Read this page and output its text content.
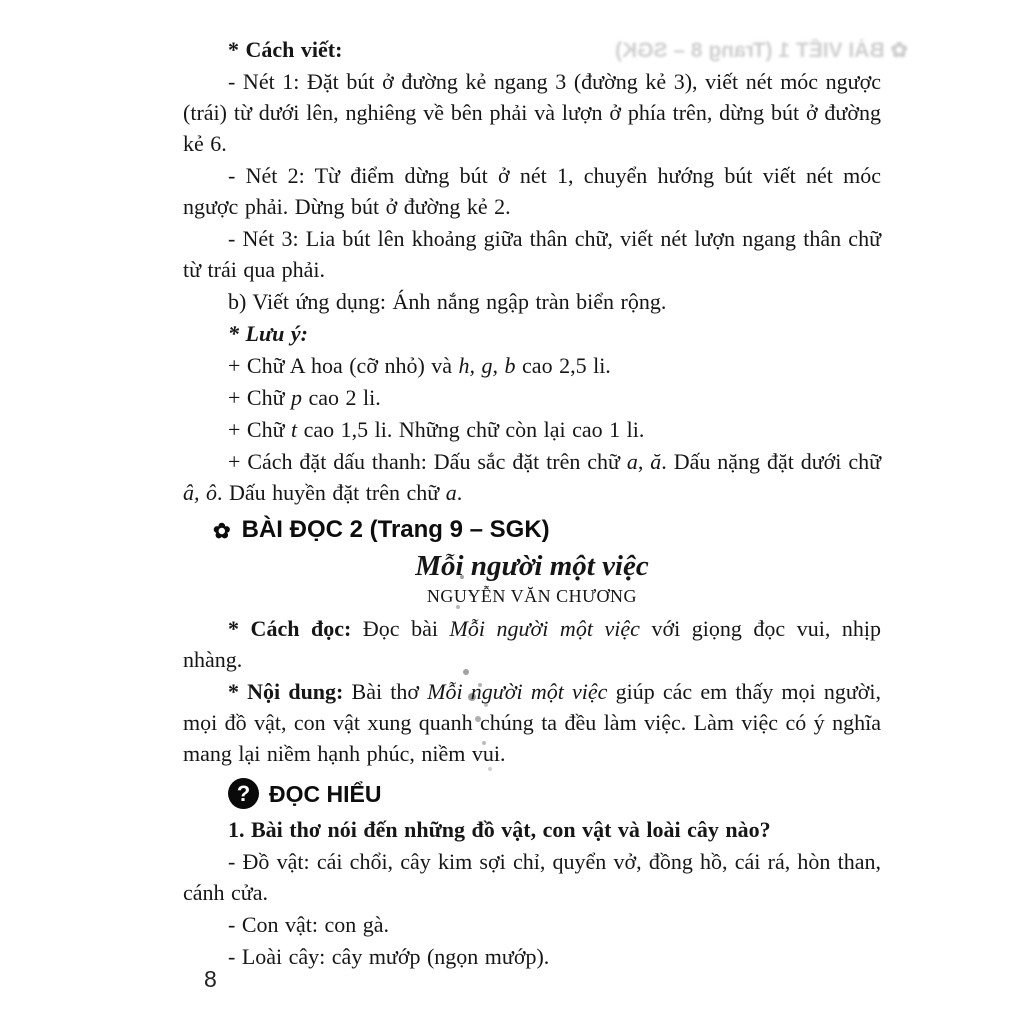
✿ BÀI VIẾT 1 (Trang 8 – SGK)

* Cách viết:

- Nét 1: Đặt bút ở đường kẻ ngang 3 (đường kẻ 3), viết nét móc ngược (trái) từ dưới lên, nghiêng về bên phải và lượn ở phía trên, dừng bút ở đường kẻ 6.

- Nét 2: Từ điểm dừng bút ở nét 1, chuyển hướng bút viết nét móc ngược phải. Dừng bút ở đường kẻ 2.

- Nét 3: Lia bút lên khoảng giữa thân chữ, viết nét lượn ngang thân chữ từ trái qua phải.

b) Viết ứng dụng: Ánh nắng ngập tràn biển rộng.

* Lưu ý:

+ Chữ A hoa (cỡ nhỏ) và h, g, b cao 2,5 li.

+ Chữ p cao 2 li.

+ Chữ t cao 1,5 li. Những chữ còn lại cao 1 li.

+ Cách đặt dấu thanh: Dấu sắc đặt trên chữ a, ă. Dấu nặng đặt dưới chữ â, ô. Dấu huyền đặt trên chữ a.

✿ BÀI ĐỌC 2 (Trang 9 – SGK)
Mỗi người một việc
NGUYỄN VĂN CHƯƠNG

* Cách đọc: Đọc bài Mỗi người một việc với giọng đọc vui, nhịp nhàng.

* Nội dung: Bài thơ Mỗi người một việc giúp các em thấy mọi người, mọi đồ vật, con vật xung quanh chúng ta đều làm việc. Làm việc có ý nghĩa mang lại niềm hạnh phúc, niềm vui.

? ĐỌC HIỂU

1. Bài thơ nói đến những đồ vật, con vật và loài cây nào?

- Đồ vật: cái chổi, cây kim sợi chỉ, quyển vở, đồng hồ, cái rá, hòn than, cánh cửa.

- Con vật: con gà.

- Loài cây: cây mướp (ngọn mướp).

8
